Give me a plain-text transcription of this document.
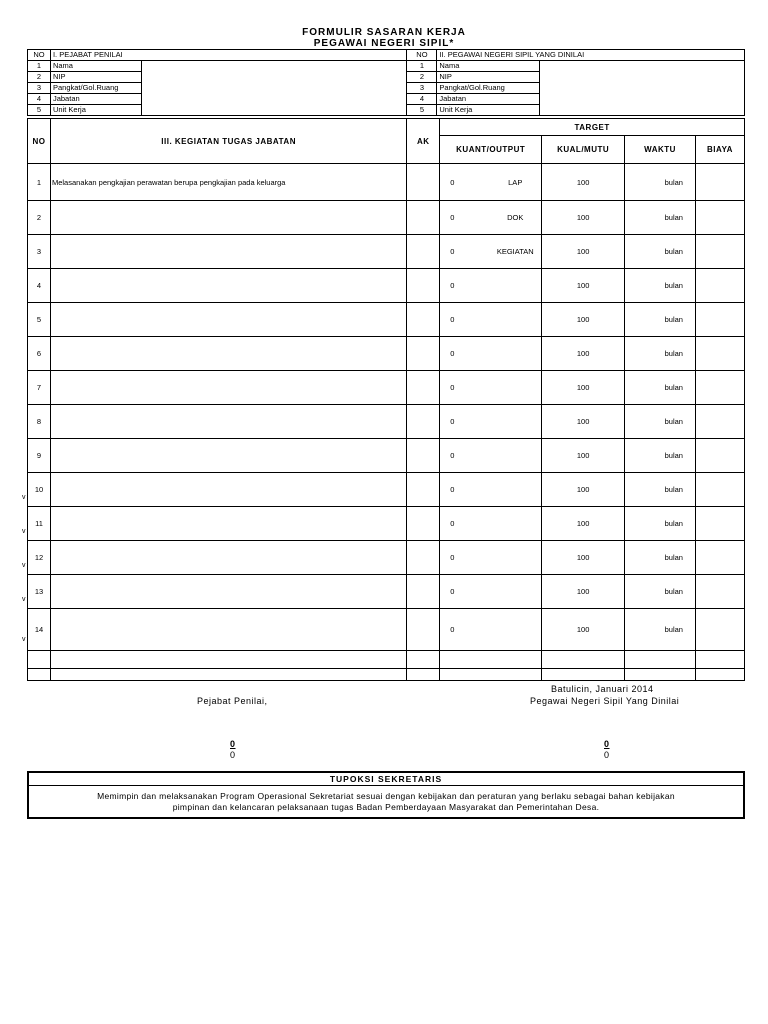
FORMULIR SASARAN KERJA
PEGAWAI NEGERI SIPIL*
NO	I. PEJABAT PENILAI		NO	II. PEGAWAI NEGERI SIPIL YANG DINILAI	
1	Nama		1	Nama	
2	NIP		2	NIP	
3	Pangkat/Gol.Ruang		3	Pangkat/Gol.Ruang	
4	Jabatan		4	Jabatan	
5	Unit Kerja		5	Unit Kerja	
NO	III. KEGIATAN TUGAS JABATAN	AK	TARGET			
			KUANT/OUTPUT	KUAL/MUTU	WAKTU	BIAYA
1	Melasanakan pengkajian perawatan berupa pengkajian pada keluarga		0 LAP	100	bulan	
2			0 DOK	100	bulan	
3			0 KEGIATAN	100	bulan	
4			0	100	bulan	
5			0	100	bulan	
6			0	100	bulan	
7			0	100	bulan	
8			0	100	bulan	
9			0	100	bulan	
10			0	100	bulan	
11			0	100	bulan	
12			0	100	bulan	
13			0	100	bulan	
14			0	100	bulan	

v
v
v
v
v
Batulicin, Januari 2014
Pejabat Penilai,	Pegawai Negeri Sipil Yang Dinilai
0
0
0
0
TUPOKSI SEKRETARIS
Memimpin dan melaksanakan Program Operasional Sekretariat sesuai dengan kebijakan dan peraturan yang berlaku sebagai bahan kebijakan
pimpinan dan kelancaran pelaksanaan tugas Badan Pemberdayaan Masyarakat dan Pemerintahan Desa.
